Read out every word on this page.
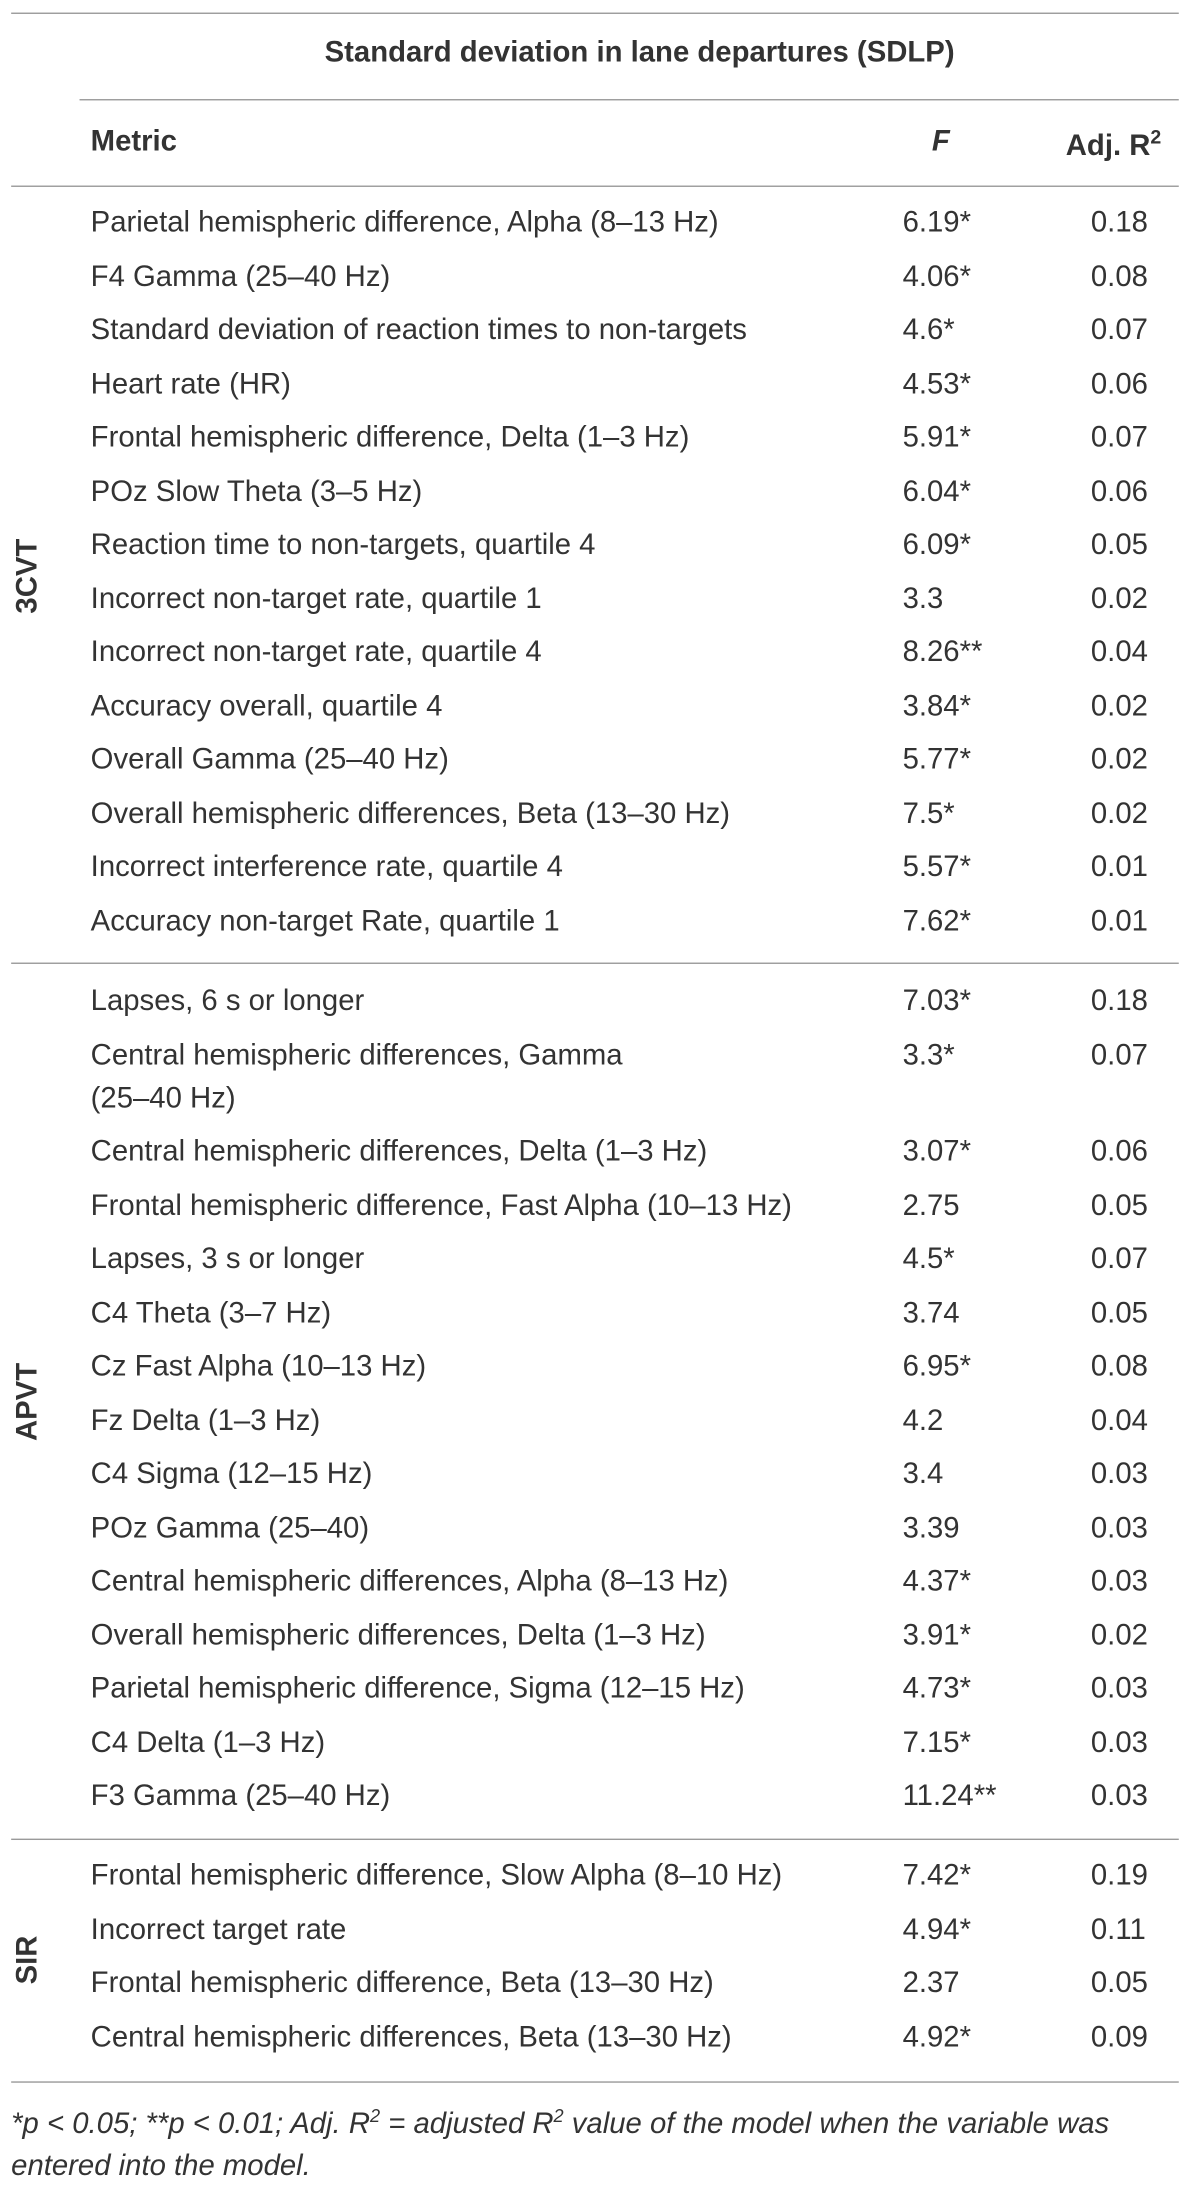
Standard deviation in lane departures (SDLP)
Metric	F	Adj. $R^2$
Parietal hemispheric difference, Alpha (8–13 Hz)	6.19*	0.18
F4 Gamma (25–40 Hz)	4.06*	0.08
Standard deviation of reaction times to non-targets	4.6*	0.07
Heart rate (HR)	4.53*	0.06
Frontal hemispheric difference, Delta (1–3 Hz)	5.91*	0.07
POz Slow Theta (3–5 Hz)	6.04*	0.06
Reaction time to non-targets, quartile 4	6.09*	0.05
Incorrect non-target rate, quartile 1	3.3	0.02
Incorrect non-target rate, quartile 4	8.26**	0.04
Accuracy overall, quartile 4	3.84*	0.02
Overall Gamma (25–40 Hz)	5.77*	0.02
Overall hemispheric differences, Beta (13–30 Hz)	7.5*	0.02
Incorrect interference rate, quartile 4	5.57*	0.01
Accuracy non-target Rate, quartile 1	7.62*	0.01
3CVT
Lapses, 6 s or longer	7.03*	0.18
Central hemispheric differences, Gamma
(25–40 Hz)
3.3*	0.07
Central hemispheric differences, Delta (1–3 Hz)	3.07*	0.06
Frontal hemispheric difference, Fast Alpha (10–13 Hz)	2.75	0.05
Lapses, 3 s or longer	4.5*	0.07
C4 Theta (3–7 Hz)	3.74	0.05
Cz Fast Alpha (10–13 Hz)	6.95*	0.08
Fz Delta (1–3 Hz)	4.2	0.04
C4 Sigma (12–15 Hz)	3.4	0.03
POz Gamma (25–40)	3.39	0.03
Central hemispheric differences, Alpha (8–13 Hz)	4.37*	0.03
Overall hemispheric differences, Delta (1–3 Hz)	3.91*	0.02
Parietal hemispheric difference, Sigma (12–15 Hz)	4.73*	0.03
C4 Delta (1–3 Hz)	7.15*	0.03
F3 Gamma (25–40 Hz)	11.24**	0.03
APVT
Frontal hemispheric difference, Slow Alpha (8–10 Hz)	7.42*	0.19
Incorrect target rate	4.94*	0.11
Frontal hemispheric difference, Beta (13–30 Hz)	2.37	0.05
Central hemispheric differences, Beta (13–30 Hz)	4.92*	0.09
SIR
*p < 0.05; **p < 0.01; Adj. $R^2$ = adjusted $R^2$ value of the model when the variable was entered into the model.
